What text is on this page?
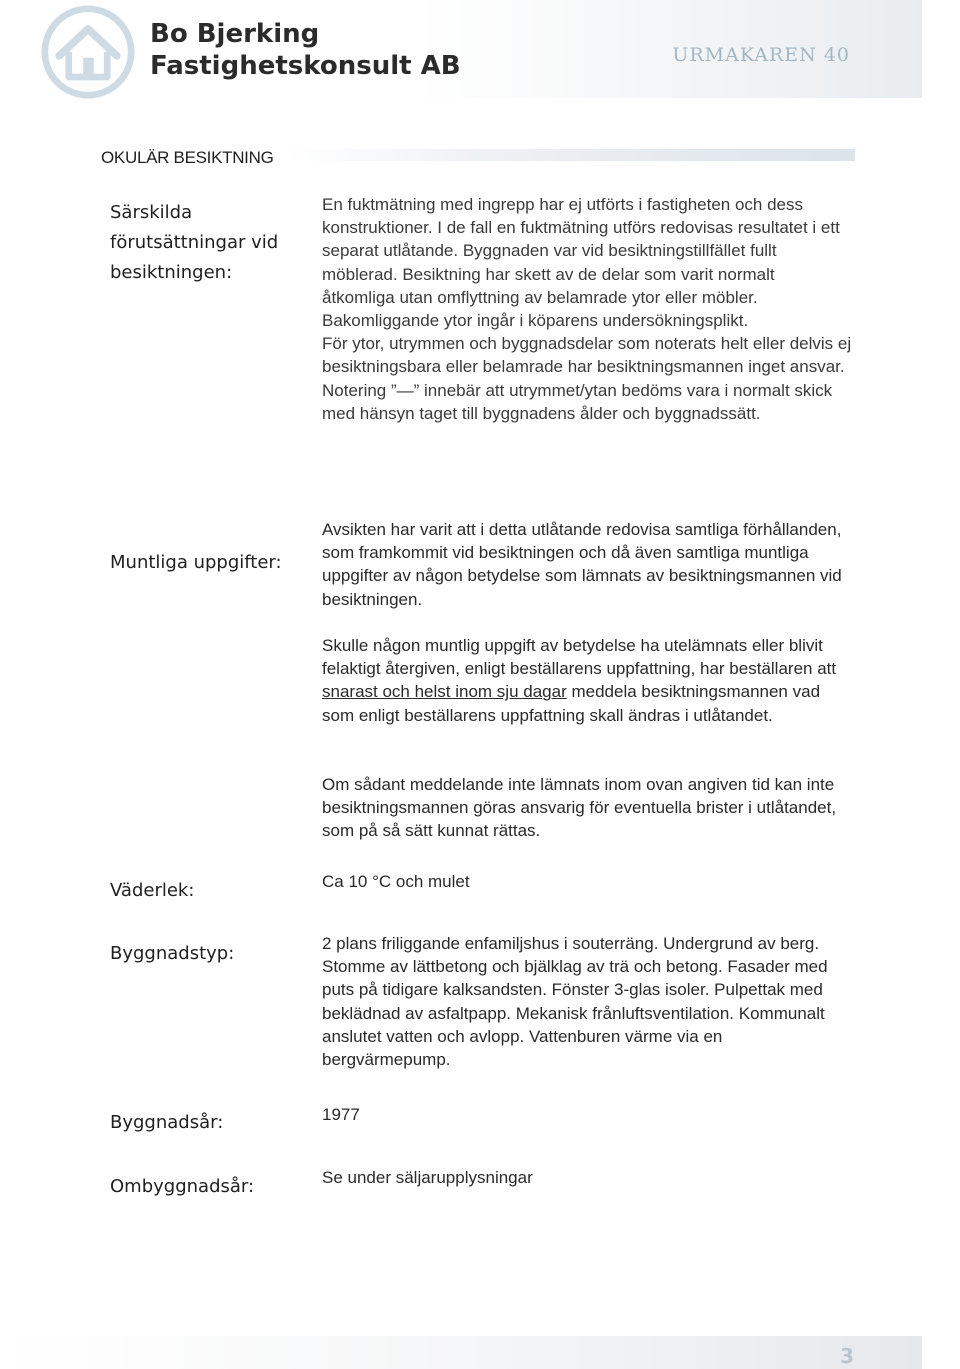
Bo Bjerking
Fastighetskonsult AB	URMAKAREN 40
OKULÄR BESIKTNING
Särskilda förutsättningar vid besiktningen:

En fuktmätning med ingrepp har ej utförts i fastigheten och dess konstruktioner. I de fall en fuktmätning utförs redovisas resultatet i ett separat utlåtande. Byggnaden var vid besiktningstillfället fullt möblerad. Besiktning har skett av de delar som varit normalt åtkomliga utan omflyttning av belamrade ytor eller möbler. Bakomliggande ytor ingår i köparens undersökningsplikt.

För ytor, utrymmen och byggnadsdelar som noterats helt eller delvis ej besiktningsbara eller belamrade har besiktningsmannen inget ansvar.

Notering ”—” innebär att utrymmet/ytan bedöms vara i normalt skick med hänsyn taget till byggnadens ålder och byggnadssätt.

Muntliga uppgifter:

Avsikten har varit att i detta utlåtande redovisa samtliga förhållanden, som framkommit vid besiktningen och då även samtliga muntliga uppgifter av någon betydelse som lämnats av besiktningsmannen vid besiktningen.

Skulle någon muntlig uppgift av betydelse ha utelämnats eller blivit felaktigt återgiven, enligt beställarens uppfattning, har beställaren att snarast och helst inom sju dagar meddela besiktningsmannen vad som enligt beställarens uppfattning skall ändras i utlåtandet.

Om sådant meddelande inte lämnats inom ovan angiven tid kan inte besiktningsmannen göras ansvarig för eventuella brister i utlåtandet, som på så sätt kunnat rättas.

Väderlek:	Ca 10 °C och mulet
Byggnadstyp:	2 plans friliggande enfamiljshus i souterräng. Undergrund av berg. Stomme av lättbetong och bjälklag av trä och betong. Fasader med puts på tidigare kalksandsten. Fönster 3-glas isoler. Pulpettak med beklädnad av asfaltpapp. Mekanisk frånluftsventilation. Kommunalt anslutet vatten och avlopp. Vattenburen värme via en bergvärmepump.
Byggnadsår:	1977
Ombyggnadsår:	Se under säljarupplysningar
3
